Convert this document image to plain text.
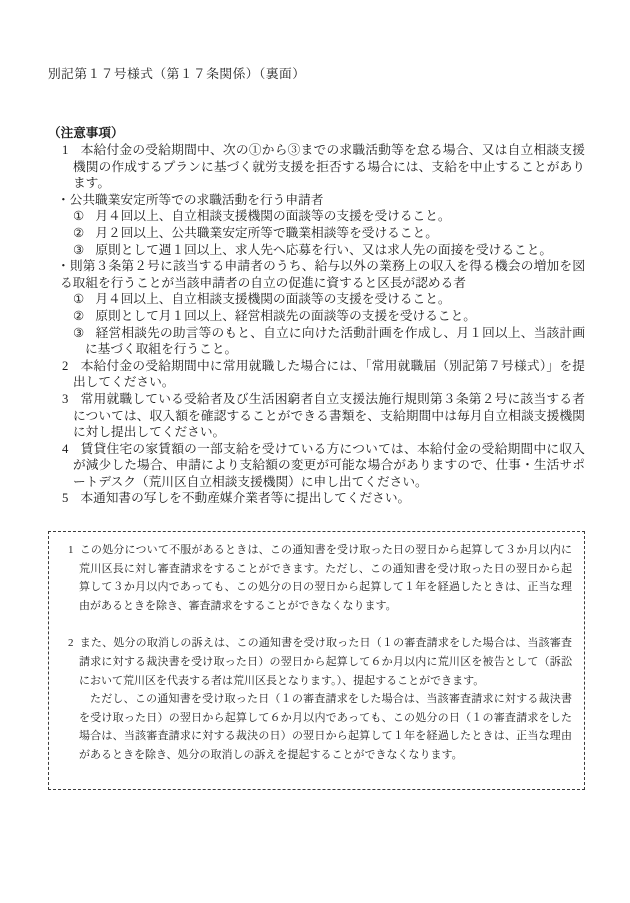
別記第１７号様式（第１７条関係）（裏面）

（注意事項）

1 本給付金の受給期間中、次の①から③までの求職活動等を怠る場合、又は自立相談支援機関の作成するプランに基づく就労支援を拒否する場合には、支給を中止することがあります。
・公共職業安定所等での求職活動を行う申請者
① 月４回以上、自立相談支援機関の面談等の支援を受けること。
② 月２回以上、公共職業安定所等で職業相談等を受けること。
③ 原則として週１回以上、求人先へ応募を行い、又は求人先の面接を受けること。
・則第３条第２号に該当する申請者のうち、給与以外の業務上の収入を得る機会の増加を図る取組を行うことが当該申請者の自立の促進に資すると区長が認める者
① 月４回以上、自立相談支援機関の面談等の支援を受けること。
② 原則として月１回以上、経営相談先の面談等の支援を受けること。
③ 経営相談先の助言等のもと、自立に向けた活動計画を作成し、月１回以上、当該計画に基づく取組を行うこと。
2 本給付金の受給期間中に常用就職した場合には、「常用就職届（別記第７号様式）」を提出してください。
3 常用就職している受給者及び生活困窮者自立支援法施行規則第３条第２号に該当する者については、収入額を確認することができる書類を、支給期間中は毎月自立相談支援機関に対し提出してください。
4 賃貸住宅の家賃額の一部支給を受けている方については、本給付金の受給期間中に収入が減少した場合、申請により支給額の変更が可能な場合がありますので、仕事・生活サポートデスク（荒川区自立相談支援機関）に申し出てください。
5 本通知書の写しを不動産媒介業者等に提出してください。
1 この処分について不服があるときは、この通知書を受け取った日の翌日から起算して３か月以内に荒川区長に対し審査請求をすることができます。ただし、この通知書を受け取った日の翌日から起算して３か月以内であっても、この処分の日の翌日から起算して１年を経過したときは、正当な理由があるときを除き、審査請求をすることができなくなります。
2 また、処分の取消しの訴えは、この通知書を受け取った日（１の審査請求をした場合は、当該審査請求に対する裁決書を受け取った日）の翌日から起算して６か月以内に荒川区を被告として（訴訟において荒川区を代表する者は荒川区長となります。）、提起することができます。
ただし、この通知書を受け取った日（１の審査請求をした場合は、当該審査請求に対する裁決書を受け取った日）の翌日から起算して６か月以内であっても、この処分の日（１の審査請求をした場合は、当該審査請求に対する裁決の日）の翌日から起算して１年を経過したときは、正当な理由があるときを除き、処分の取消しの訴えを提起することができなくなります。
